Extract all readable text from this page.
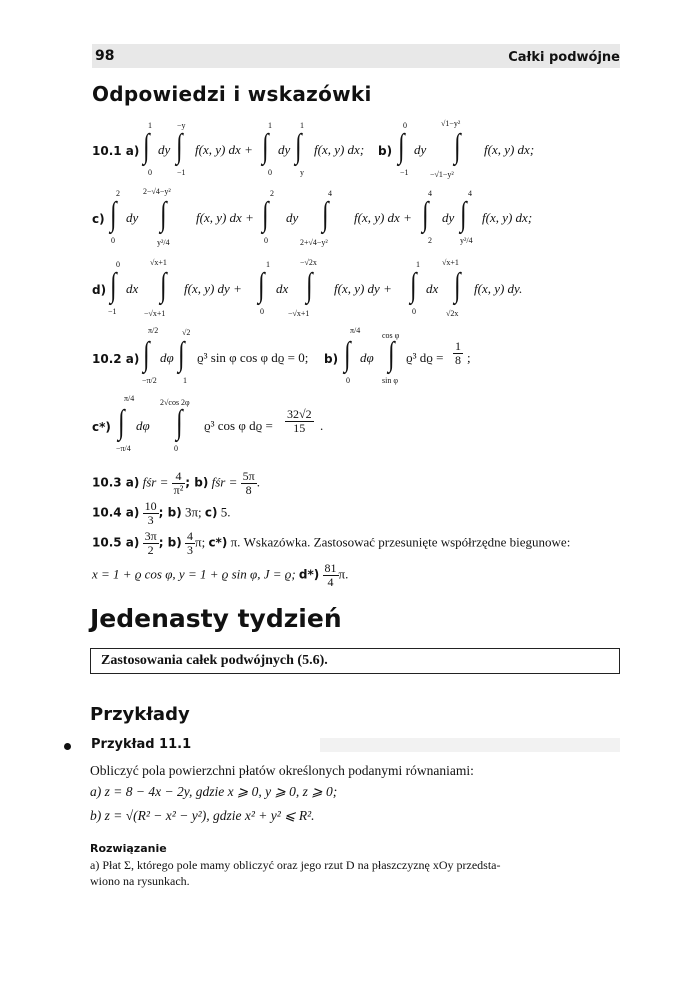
98	Całki podwójne
Odpowiedzi i wskazówki
10.1 a) ∫
1
0
dy ∫
−y
−1
f(x, y) dx + ∫
1
0
dy ∫
1
y
f(x, y) dx; b) ∫
0
−1
dy ∫
√1−y²
−√1−y²
f(x, y) dx;
c) ∫
2
0
dy ∫
2−√4−y²
y²/4
f(x, y) dx + ∫
2
0
dy ∫
4
2+√4−y²
f(x, y) dx + ∫
4
2
dy ∫
4
y²/4
f(x, y) dx;
d) ∫
0
−1
dx ∫
√x+1
−√x+1
f(x, y) dy + ∫
1
0
dx ∫
−√2x
−√x+1
f(x, y) dy + ∫
1
0
dx ∫
√x+1
√2x
f(x, y) dy.
10.2 a) ∫
π/2
−π/2
dφ ∫
√2
1
ϱ³ sin φ cos φ dϱ = 0; b) ∫
π/4
0
dφ ∫
cos φ
sin φ
ϱ³ $dϱ = \frac{1}{8}$ ;
c*) ∫
π/4
−π/4
dφ ∫
2√cos 2φ
0
ϱ³ cos φ $dϱ = \frac{32√2}{15}$ .
10.3 a) fśr = $\frac{4}{\text{π²}}$ ; b) fśr = $\frac{5\pi}{8}$ .
10.4 $a) \frac{10}{3}$ ; b) 3π; c) 5.
10.5 $a) \frac{3\pi}{2}$ ; $b) \frac{4}{3} \pi$; c*) π. Wskazówka. Zastosować przesunięte współrzędne biegunowe:
x = 1 + ϱ cos φ, y = 1 + ϱ sin φ, J = ϱ; $d*) \frac{81}{4} \pi$.
Jedenasty tydzień
Zastosowania całek podwójnych (5.6).
Przykłady
Przykład 11.1
Obliczyć pola powierzchni płatów określonych podanymi równaniami:
a) z = 8 − 4x − 2y, gdzie x ⩾ 0, y ⩾ 0, z ⩾ 0;
b) z = √(R² − x² − y²), gdzie x² + y² ⩽ R².
Rozwiązanie
a) Płat Σ, którego pole mamy obliczyć oraz jego rzut D na płaszczyznę xOy przedsta-
wiono na rysunkach.
